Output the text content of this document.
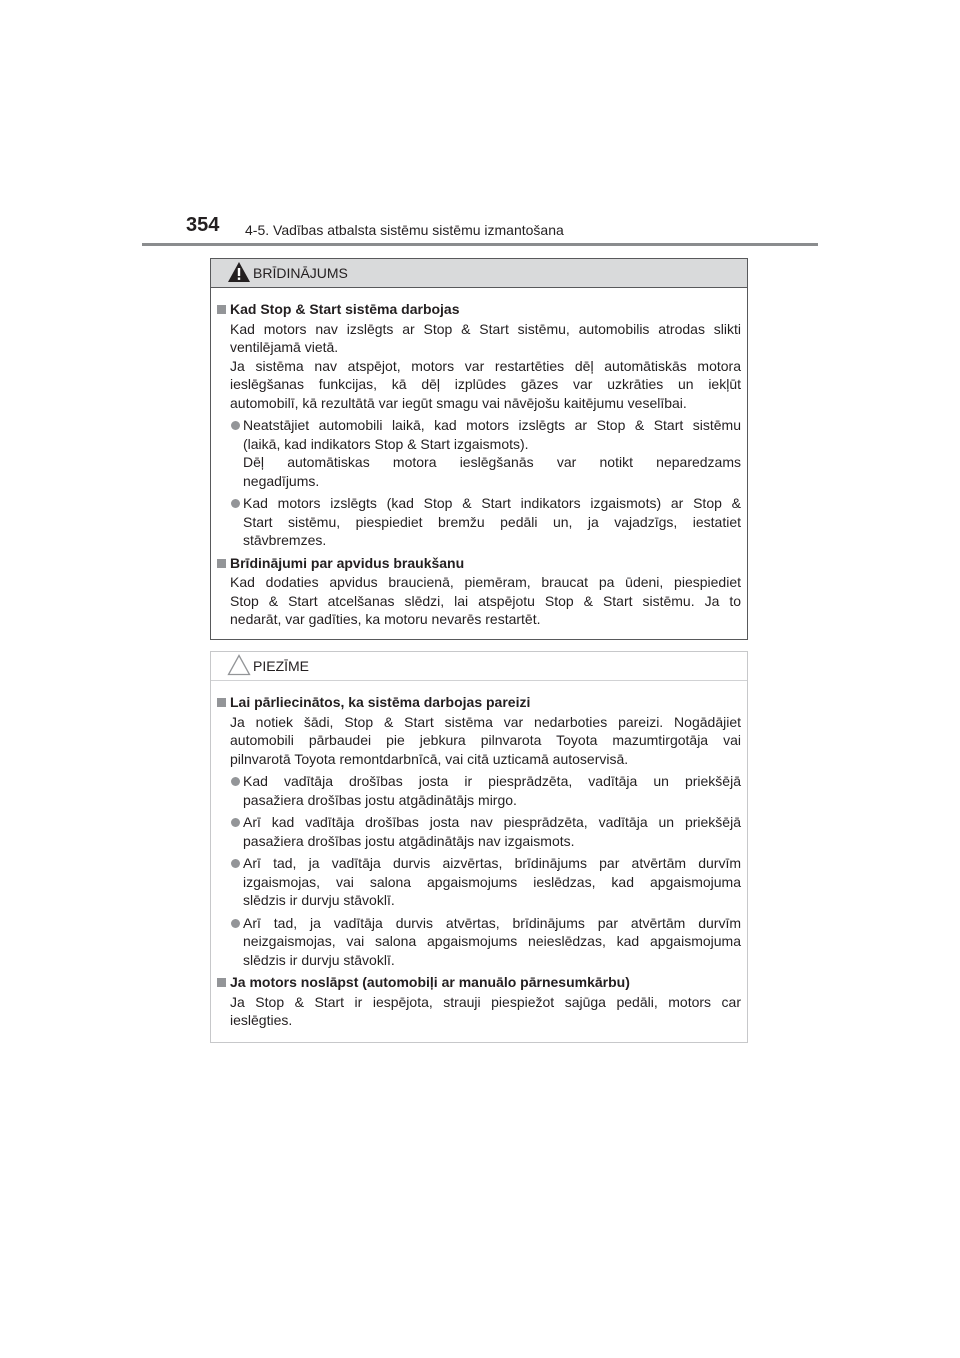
354 4-5. Vadības atbalsta sistēmu sistēmu izmantošana
BRĪDINĀJUMS
Kad Stop & Start sistēma darbojas
Kad motors nav izslēgts ar Stop & Start sistēmu, automobilis atrodas slikti
ventilējamā vietā.
Ja sistēma nav atspējot, motors var restartēties dēļ automātiskās motora
ieslēgšanas funkcijas, kā dēļ izplūdes gāzes var uzkrāties un iekļūt
automobilī, kā rezultātā var iegūt smagu vai nāvējošu kaitējumu veselībai.
Neatstājiet automobili laikā, kad motors izslēgts ar Stop & Start sistēmu
(laikā, kad indikators Stop & Start izgaismots).
Dēļ automātiskas motora ieslēgšanās var notikt neparedzams
negadījums.
Kad motors izslēgts (kad Stop & Start indikators izgaismots) ar Stop &
Start sistēmu, piespiediet bremžu pedāli un, ja vajadzīgs, iestatiet
stāvbremzes.
Brīdinājumi par apvidus braukšanu
Kad dodaties apvidus braucienā, piemēram, braucat pa ūdeni, piespiediet
Stop & Start atcelšanas slēdzi, lai atspējotu Stop & Start sistēmu. Ja to
nedarāt, var gadīties, ka motoru nevarēs restartēt.
PIEZĪME
Lai pārliecinātos, ka sistēma darbojas pareizi
Ja notiek šādi, Stop & Start sistēma var nedarboties pareizi. Nogādājiet
automobili pārbaudei pie jebkura pilnvarota Toyota mazumtirgotāja vai
pilnvarotā Toyota remontdarbnīcā, vai citā uzticamā autoservisā.
Kad vadītāja drošības josta ir piesprādzēta, vadītāja un priekšējā
pasažiera drošības jostu atgādinātājs mirgo.
Arī kad vadītāja drošības josta nav piesprādzēta, vadītāja un priekšējā
pasažiera drošības jostu atgādinātājs nav izgaismots.
Arī tad, ja vadītāja durvis aizvērtas, brīdinājums par atvērtām durvīm
izgaismojas, vai salona apgaismojums ieslēdzas, kad apgaismojuma
slēdzis ir durvju stāvoklī.
Arī tad, ja vadītāja durvis atvērtas, brīdinājums par atvērtām durvīm
neizgaismojas, vai salona apgaismojums neieslēdzas, kad apgaismojuma
slēdzis ir durvju stāvoklī.
Ja motors noslāpst (automobiļi ar manuālo pārnesumkārbu)
Ja Stop & Start ir iespējota, strauji piespiežot sajūga pedāli, motors car
ieslēgties.
